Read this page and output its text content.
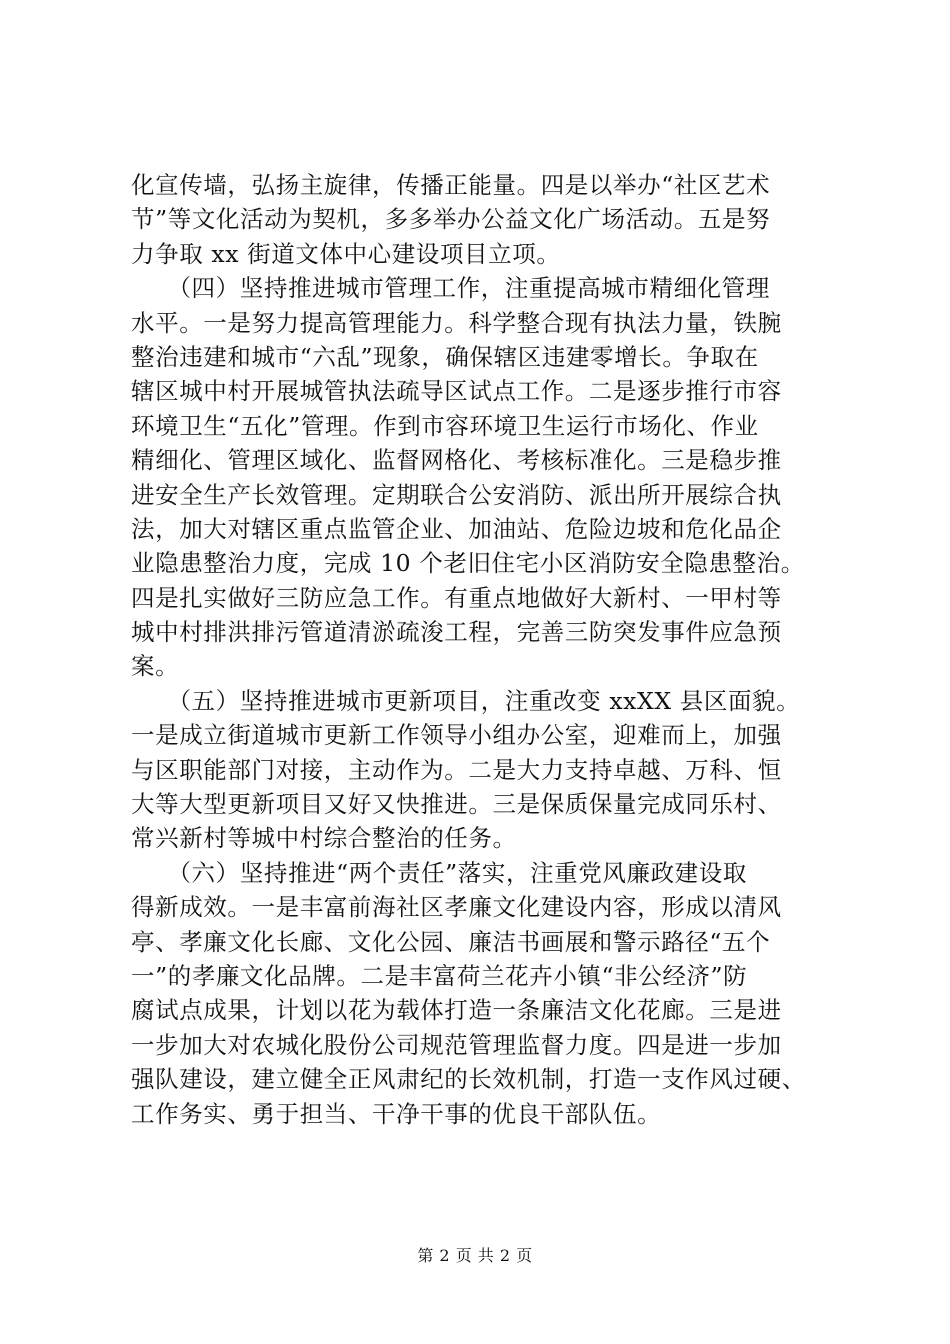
化宣传墙，弘扬主旋律，传播正能量。四是以举办“社区艺术
节”等文化活动为契机，多多举办公益文化广场活动。五是努
力争取 xx 街道文体中心建设项目立项。
　　（四）坚持推进城市管理工作，注重提高城市精细化管理
水平。一是努力提高管理能力。科学整合现有执法力量，铁腕
整治违建和城市“六乱”现象，确保辖区违建零增长。争取在
辖区城中村开展城管执法疏导区试点工作。二是逐步推行市容
环境卫生“五化”管理。作到市容环境卫生运行市场化、作业
精细化、管理区域化、监督网格化、考核标准化。三是稳步推
进安全生产长效管理。定期联合公安消防、派出所开展综合执
法，加大对辖区重点监管企业、加油站、危险边坡和危化品企
业隐患整治力度，完成 10 个老旧住宅小区消防安全隐患整治。
四是扎实做好三防应急工作。有重点地做好大新村、一甲村等
城中村排洪排污管道清淤疏浚工程，完善三防突发事件应急预
案。
　　（五）坚持推进城市更新项目，注重改变 xxXX 县区面貌。
一是成立街道城市更新工作领导小组办公室，迎难而上，加强
与区职能部门对接，主动作为。二是大力支持卓越、万科、恒
大等大型更新项目又好又快推进。三是保质保量完成同乐村、
常兴新村等城中村综合整治的任务。
　　（六）坚持推进“两个责任”落实，注重党风廉政建设取
得新成效。一是丰富前海社区孝廉文化建设内容，形成以清风
亭、孝廉文化长廊、文化公园、廉洁书画展和警示路径“五个
一”的孝廉文化品牌。二是丰富荷兰花卉小镇“非公经济”防
腐试点成果，计划以花为载体打造一条廉洁文化花廊。三是进
一步加大对农城化股份公司规范管理监督力度。四是进一步加
强队建设，建立健全正风肃纪的长效机制，打造一支作风过硬、
工作务实、勇于担当、干净干事的优良干部队伍。
第 2 页 共 2 页
